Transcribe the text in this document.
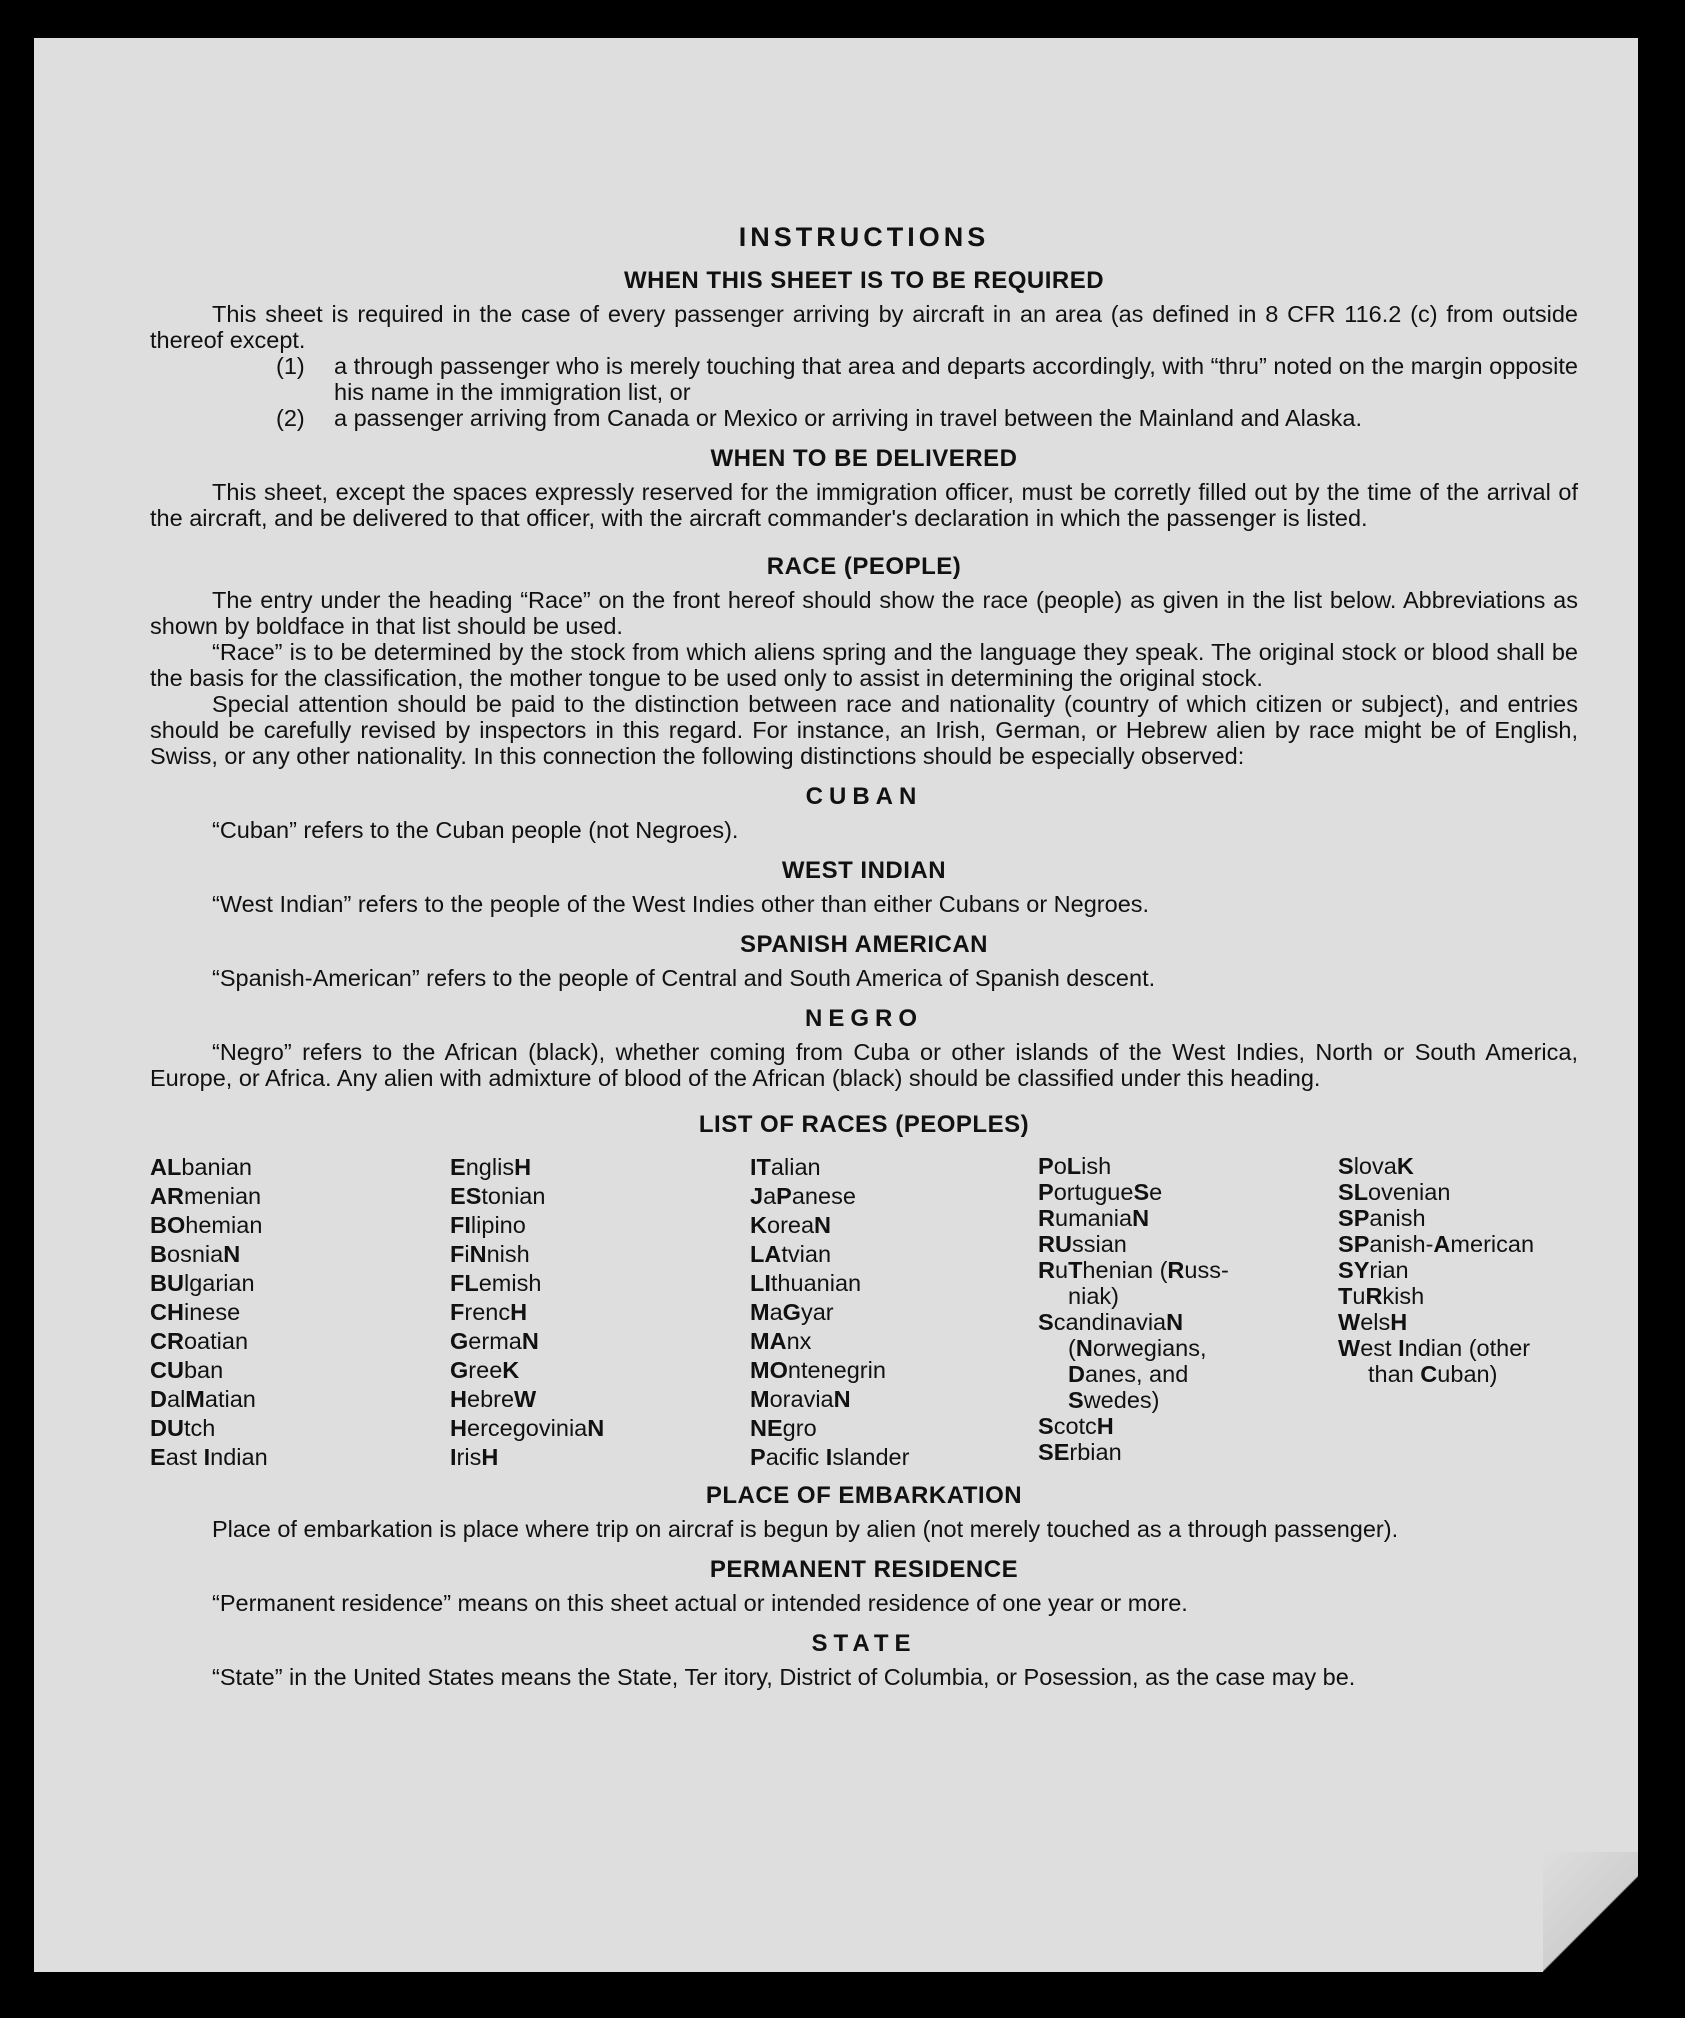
INSTRUCTIONS
WHEN THIS SHEET IS TO BE REQUIRED

This sheet is required in the case of every passenger arriving by aircraft in an area (as defined in 8 CFR 116.2 (c) from outside thereof except.

(1)	a through passenger who is merely touching that area and departs accordingly, with “thru” noted on the margin opposite his name in the immigration list, or
(2)	a passenger arriving from Canada or Mexico or arriving in travel between the Mainland and Alaska.
WHEN TO BE DELIVERED

This sheet, except the spaces expressly reserved for the immigration officer, must be corretly filled out by the time of the arrival of the aircraft, and be delivered to that officer, with the aircraft commander's declaration in which the passenger is listed.

RACE (PEOPLE)

The entry under the heading “Race” on the front hereof should show the race (people) as given in the list below. Abbreviations as shown by boldface in that list should be used.

“Race” is to be determined by the stock from which aliens spring and the language they speak. The original stock or blood shall be the basis for the classification, the mother tongue to be used only to assist in determining the original stock.

Special attention should be paid to the distinction between race and nationality (country of which citizen or subject), and entries should be carefully revised by inspectors in this regard. For instance, an Irish, German, or Hebrew alien by race might be of English, Swiss, or any other nationality. In this connection the following distinctions should be especially observed:

CUBAN

“Cuban” refers to the Cuban people (not Negroes).

WEST INDIAN

“West Indian” refers to the people of the West Indies other than either Cubans or Negroes.

SPANISH AMERICAN

“Spanish-American” refers to the people of Central and South America of Spanish descent.

NEGRO

“Negro” refers to the African (black), whether coming from Cuba or other islands of the West Indies, North or South America, Europe, or Africa. Any alien with admixture of blood of the African (black) should be classified under this heading.

LIST OF RACES (PEOPLES)
ALbanian
ARmenian
BOhemian
BosniaN
BUlgarian
CHinese
CRoatian
CUban
DalMatian
DUtch
East Indian
EnglisH
EStonian
FIlipino
FiNnish
FLemish
FrencH
GermaN
GreeK
HebreW
HercegoviniaN
IrisH
ITalian
JaPanese
KoreaN
LAtvian
LIthuanian
MaGyar
MAnx
MOntenegrin
MoraviaN
NEgro
Pacific Islander
PoLish
PortugueSe
RumaniaN
RUssian
RuThenian (Russ-
niak)
ScandinaviaN
(Norwegians,
Danes, and
Swedes)
ScotcH
SErbian
SlovaK
SLovenian
SPanish
SPanish-American
SYrian
TuRkish
WelsH
West Indian (other
than Cuban)
PLACE OF EMBARKATION

Place of embarkation is place where trip on aircraf is begun by alien (not merely touched as a through passenger).

PERMANENT RESIDENCE

“Permanent residence” means on this sheet actual or intended residence of one year or more.

STATE

“State” in the United States means the State, Ter itory, District of Columbia, or Posession, as the case may be.
